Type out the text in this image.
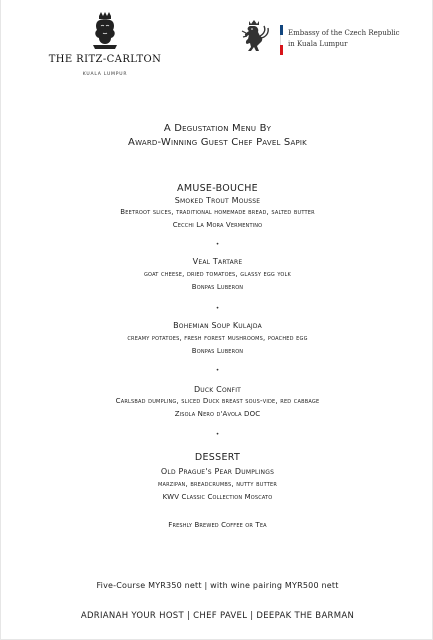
THE RITZ-CARLTON
KUALA LUMPUR
Embassy of the Czech Republic
in Kuala Lumpur
A Degustation Menu By
Award-Winning Guest Chef Pavel Sapik
AMUSE-BOUCHE
Smoked Trout Mousse
Beetroot slices, traditional homemade bread, salted butter
Cecchi La Mora Vermentino
•
Veal Tartare
goat cheese, dried tomatoes, glassy egg yolk
Bonpas Luberon
•
Bohemian Soup Kulajda
creamy potatoes, fresh forest mushrooms, poached egg
Bonpas Luberon
•
Duck Confit
Carlsbad dumpling, sliced Duck breast sous-vide, red cabbage
Zisola Nero d'Avola DOC
•
DESSERT
Old Prague's Pear Dumplings
marzipan, breadcrumbs, nutty butter
KWV Classic Collection Moscato
Freshly Brewed Coffee or Tea
Five-Course MYR350 nett | with wine pairing MYR500 nett
ADRIANAH YOUR HOST | CHEF PAVEL | DEEPAK THE BARMAN
